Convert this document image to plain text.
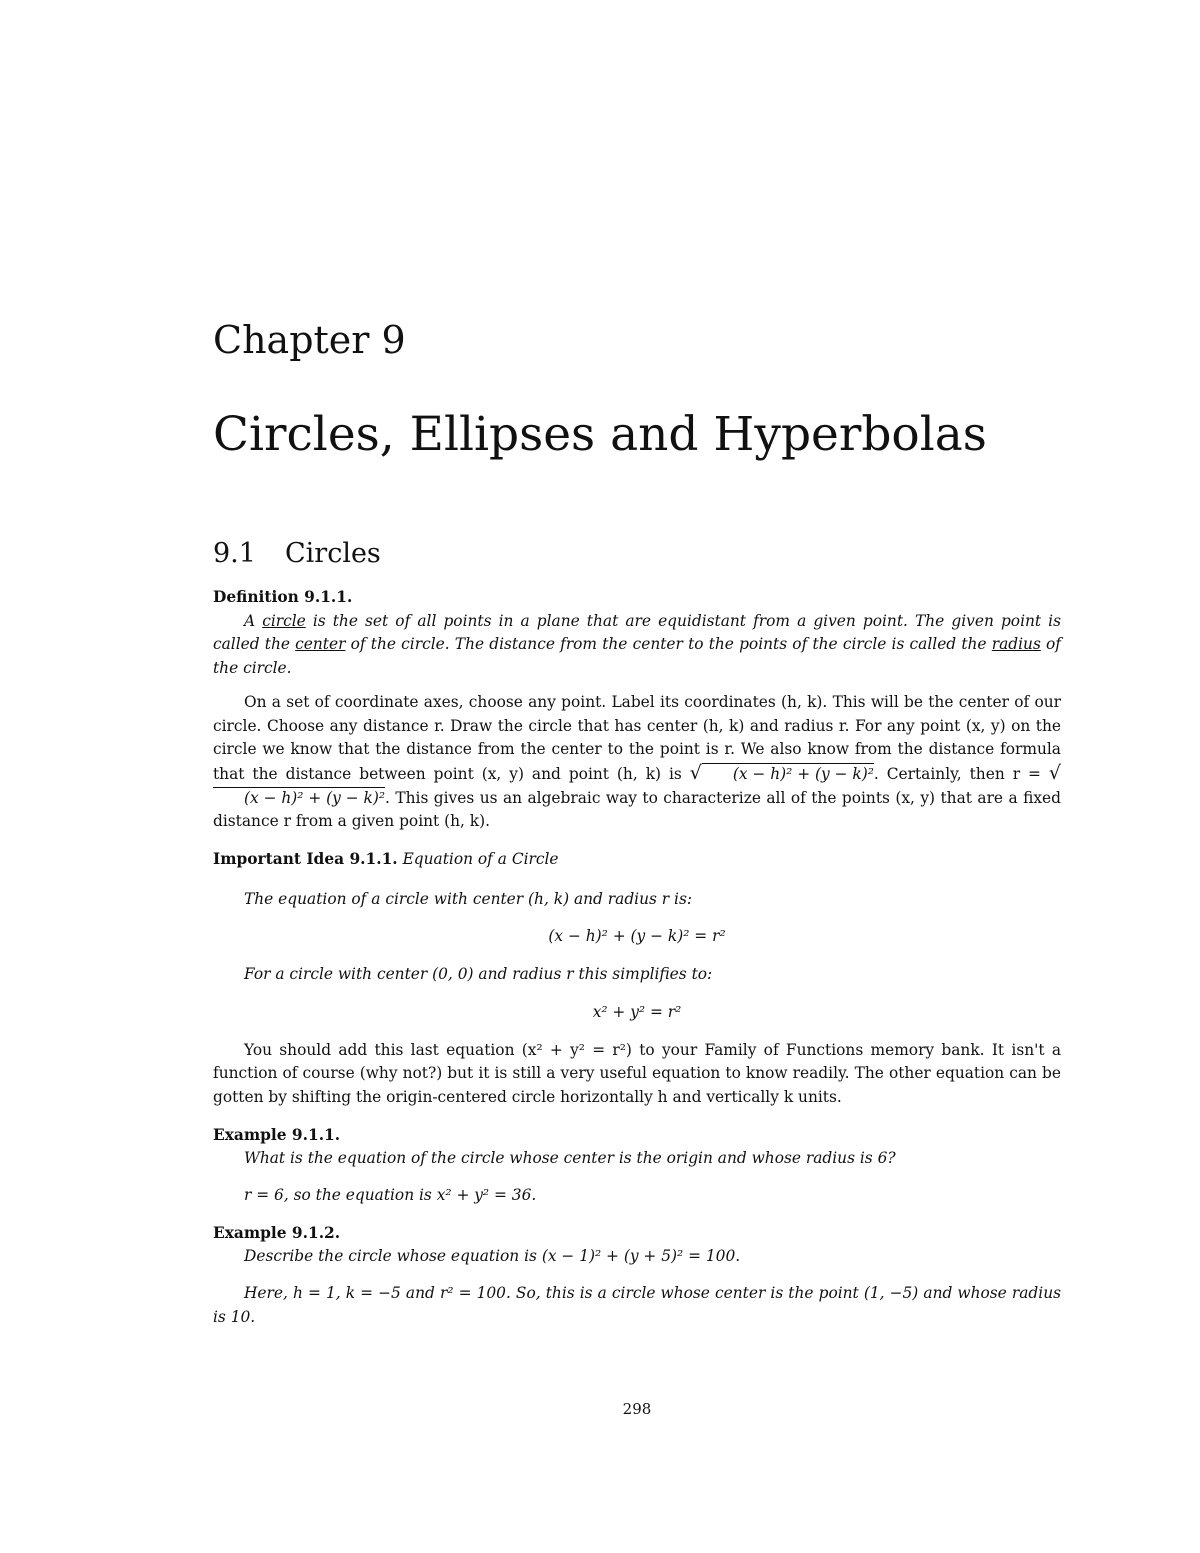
Chapter 9
Circles, Ellipses and Hyperbolas
9.1 Circles

Definition 9.1.1.

A circle is the set of all points in a plane that are equidistant from a given point. The given point is called the center of the circle. The distance from the center to the points of the circle is called the radius of the circle.

On a set of coordinate axes, choose any point. Label its coordinates (h, k). This will be the center of our circle. Choose any distance r. Draw the circle that has center (h, k) and radius r. For any point (x, y) on the circle we know that the distance from the center to the point is r. We also know from the distance formula that the distance between point (x, y) and point (h, k) is √ (x − h)² + (y − k)². Certainly, then r = √(x − h)² + (y − k)². This gives us an algebraic way to characterize all of the points (x, y) that are a fixed distance r from a given point (h, k).

Important Idea 9.1.1. Equation of a Circle

The equation of a circle with center (h, k) and radius r is:

(x − h)² + (y − k)² = r²

For a circle with center (0, 0) and radius r this simplifies to:

x² + y² = r²

You should add this last equation (x² + y² = r²) to your Family of Functions memory bank. It isn't a function of course (why not?) but it is still a very useful equation to know readily. The other equation can be gotten by shifting the origin-centered circle horizontally h and vertically k units.

Example 9.1.1.

What is the equation of the circle whose center is the origin and whose radius is 6?

r = 6, so the equation is x² + y² = 36.

Example 9.1.2.

Describe the circle whose equation is (x − 1)² + (y + 5)² = 100.

Here, h = 1, k = −5 and r² = 100. So, this is a circle whose center is the point (1, −5) and whose radius is 10.

298
